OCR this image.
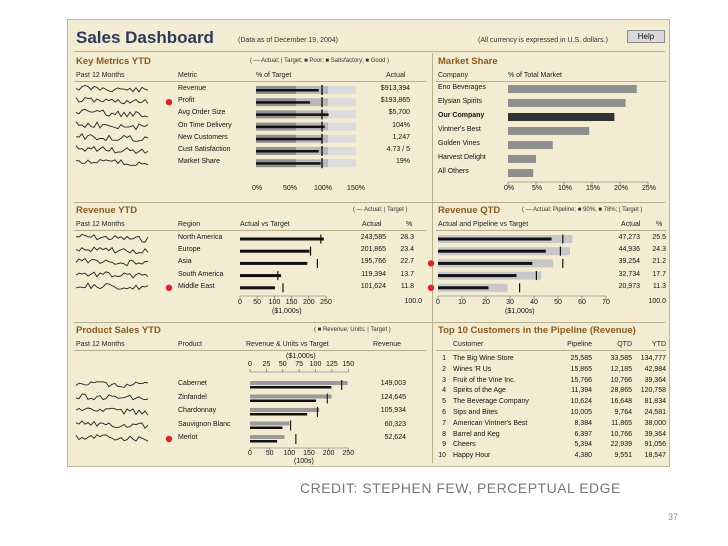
Sales Dashboard	(Data as of December 19, 2004)	(All currency is expressed in U.S. dollars.)	Help
Key Metrics YTD	( — Actual; | Target; ■ Poor; ■ Satisfactory; ■ Good )
Past 12 Months	Metric	% of Target	Actual
Revenue	$913,394
Profit	$193,865
Avg Order Size	$5,700
On Time Delivery	104%
New Customers	1,247
Cust Satisfaction	4.73 / 5
Market Share	19%
0%	50% 100% 150%
Market Share
Company	% of Total Market
Eno Beverages
Elysian Spirits
Our Company
Vintner's Best
Golden Vines
Harvest Delight
All Others
0%	5%	10% 15% 20% 25%
Revenue YTD	( — Actual; | Target )
Past 12 Months	Region	Actual vs Target	Actual	%
North America	243,585	28.3
Europe	201,865	23.4
Asia	195,766	22.7
South America	119,394	13.7
Middle East	101,624	11.8
0	50	100 150 200 250	100.0
($1,000s)
Revenue QTD	( — Actual; Pipeline; ■ 90%; ■ 78%; | Target )
Actual and Pipeline vs Target	Actual %
47,273	25.5
44,936	24.3
39,254	21.2
32,734	17.7
20,973	11.3
0	10	20	30	40	50	60	70	100.0
($1,000s)
Product Sales YTD	( ■ Revenue; Units; | Target )
Past 12 Months	Product	Revenue & Units vs Target	Revenue
($1,000s)
0	25	50	75 100 125 150
Cabernet	149,003
Zinfandel	124,645
Chardonnay	105,934
Sauvignon Blanc	60,323
Merlot	52,624
0	50	100 150 200 250
(100s)
Top 10 Customers in the Pipeline (Revenue)
Customer	Pipeline	QTD	YTD
1 The Big Wine Store	25,585	33,585	134,777
2 Wines 'R Us	15,865	12,185	42,984
3 Fruit of the Vine Inc.	15,766	10,766	39,364
4 Spirits of the Age	11,394	28,865	120,758
5 The Beverage Company	10,624	16,648	81,834
6 Sips and Bites	10,005	9,764	24,581
7 American Vintner's Best	8,384	11,865	38,000
8 Barrel and Keg	6,397	10,766	39,364
9 Cheers	5,394	22,939	91,056
10 Happy Hour	4,380	9,551	18,547
CREDIT: STEPHEN FEW, PERCEPTUAL EDGE
37
